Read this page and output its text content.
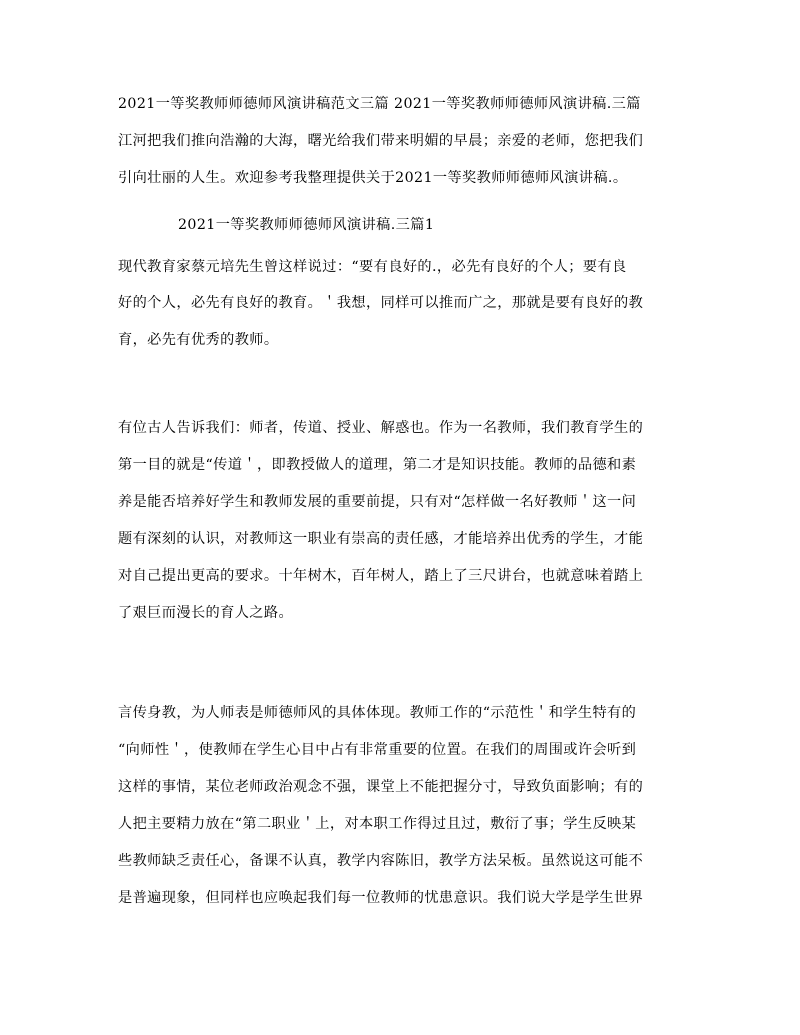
2021一等奖教师师德师风演讲稿范文三篇 2021一等奖教师师德师风演讲稿.三篇
江河把我们推向浩瀚的大海，曙光给我们带来明媚的早晨；亲爱的老师，您把我们
引向壮丽的人生。欢迎参考我整理提供关于2021一等奖教师师德师风演讲稿.。
2021一等奖教师师德师风演讲稿.三篇1
现代教育家蔡元培先生曾这样说过：“要有良好的.，必先有良好的个人；要有良
好的个人，必先有良好的教育。＇我想，同样可以推而广之，那就是要有良好的教
育，必先有优秀的教师。
有位古人告诉我们：师者，传道、授业、解惑也。作为一名教师，我们教育学生的
第一目的就是“传道＇，即教授做人的道理，第二才是知识技能。教师的品德和素
养是能否培养好学生和教师发展的重要前提，只有对“怎样做一名好教师＇这一问
题有深刻的认识，对教师这一职业有崇高的责任感，才能培养出优秀的学生，才能
对自己提出更高的要求。十年树木，百年树人，踏上了三尺讲台，也就意味着踏上
了艰巨而漫长的育人之路。
言传身教，为人师表是师德师风的具体体现。教师工作的“示范性＇和学生特有的
“向师性＇，使教师在学生心目中占有非常重要的位置。在我们的周围或许会听到
这样的事情，某位老师政治观念不强，课堂上不能把握分寸，导致负面影响；有的
人把主要精力放在“第二职业＇上，对本职工作得过且过，敷衍了事；学生反映某
些教师缺乏责任心，备课不认真，教学内容陈旧，教学方法呆板。虽然说这可能不
是普遍现象，但同样也应唤起我们每一位教师的忧患意识。我们说大学是学生世界
